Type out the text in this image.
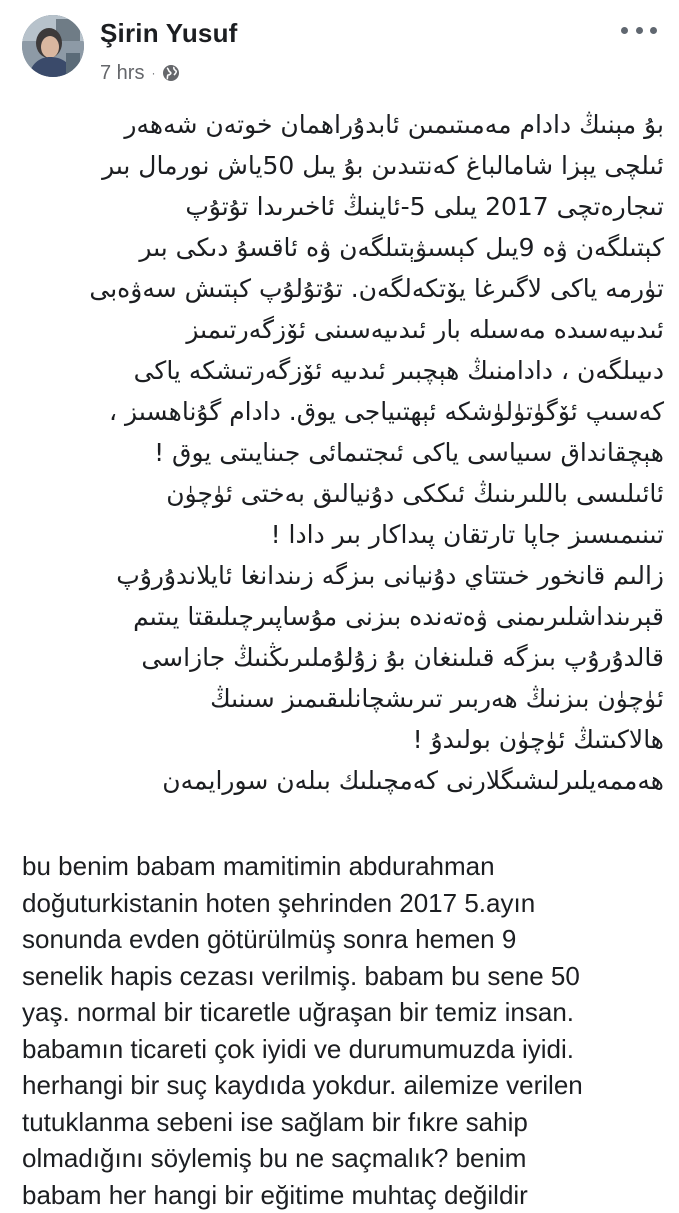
Şirin Yusuf
7 hrs ·
بۇ مېنىڭ دادام مەمىتىمىن ئابدۇراھمان خوتەن شەھەر
ئىلچى يېزا شامالباغ كەنتىدىن بۇ يىل 50ياش نورمال بىر
تىجارەتچى 2017 يىلى 5-ئاينىڭ ئاخىرىدا تۇتۇپ
كېتىلگەن ۋە 9يىل كېسىۋېتىلگەن ۋە ئاقسۇ دىكى بىر
تۈرمە ياكى لاگىرغا يۆتكەلگەن. تۇتۇلۇپ كېتىش سەۋەبى
ئىدىيەسىدە مەسىلە بار ئىدىيەسىنى ئۆزگەرتىمىز
دىيىلگەن ، دادامنىڭ ھېچبىر ئىدىيە ئۆزگەرتىشكە ياكى
كەسىپ ئۆگۈتۈلۈشكە ئېھتىياجى يوق. دادام گۇناھسىز ،
ھېچقانداق سىياسى ياكى ئىجتىمائى جىنايىتى يوق !
ئائىلىسى باللىرىنىڭ ئىككى دۇنيالىق بەختى ئۈچۈن
تىنىمىسىز جاپا تارتقان پىداكار بىر دادا !
زالىم قانخور خىتتاي دۇنيانى بىزگە زىندانغا ئايلاندۇرۇپ
قېرىنداشلىرىمنى ۋەتەندە بىزنى مۇساپىرچىلىقتا يىتىم
قالدۇرۇپ بىزگە قىلىنغان بۇ زۇلۇملىرىڭنىڭ جازاسى
ئۈچۈن بىزنىڭ ھەربىر تىرىشچانلىقىمىز سىنىڭ
ھالاكىتىڭ ئۈچۈن بولىدۇ !
ھەممەيلىرلىشىگلارنى كەمچىلىك بىلەن سورايمەن
bu benim babam mamitimin abdurahman
doğuturkistanin hoten şehrinden 2017 5.ayın
sonunda evden götürülmüş sonra hemen 9
senelik hapis cezası verilmiş. babam bu sene 50
yaş. normal bir ticaretle uğraşan bir temiz insan.
babamın ticareti çok iyidi ve durumumuzda iyidi.
herhangi bir suç kaydıda yokdur. ailemize verilen
tutuklanma sebeni ise sağlam bir fıkre sahip
olmadığını söylemiş bu ne saçmalık? benim
babam her hangi bir eğitime muhtaç değildir
